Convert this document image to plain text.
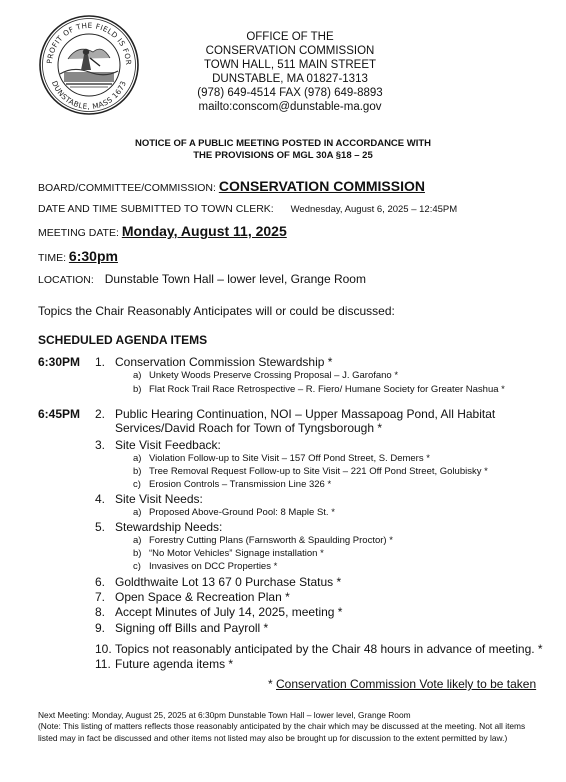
PROFIT OF THE FIELD IS FOR
DUNSTABLE, MASS 1673
OFFICE OF THE
CONSERVATION COMMISSION
TOWN HALL, 511 MAIN STREET
DUNSTABLE, MA 01827-1313
(978) 649-4514 FAX (978) 649-8893
mailto:conscom@dunstable-ma.gov
NOTICE OF A PUBLIC MEETING POSTED IN ACCORDANCE WITH
THE PROVISIONS OF MGL 30A §18 – 25
BOARD/COMMITTEE/COMMISSION: CONSERVATION COMMISSION
DATE AND TIME SUBMITTED TO TOWN CLERK: Wednesday, August 6, 2025 – 12:45PM
MEETING DATE: Monday, August 11, 2025
TIME: 6:30pm
LOCATION: Dunstable Town Hall – lower level, Grange Room
Topics the Chair Reasonably Anticipates will or could be discussed:
SCHEDULED AGENDA ITEMS
6:30PM
6:45PM
1. Conservation Commission Stewardship *
a) Unkety Woods Preserve Crossing Proposal – J. Garofano *
b) Flat Rock Trail Race Retrospective – R. Fiero/ Humane Society for Greater Nashua *
2. Public Hearing Continuation, NOI – Upper Massapoag Pond, All Habitat Services/David Roach for Town of Tyngsborough *
3. Site Visit Feedback:
a) Violation Follow-up to Site Visit – 157 Off Pond Street, S. Demers *
b) Tree Removal Request Follow-up to Site Visit – 221 Off Pond Street, Golubisky *
c) Erosion Controls – Transmission Line 326 *
4. Site Visit Needs:
a) Proposed Above-Ground Pool: 8 Maple St. *
5. Stewardship Needs:
a) Forestry Cutting Plans (Farnsworth & Spaulding Proctor) *
b) “No Motor Vehicles” Signage installation *
c) Invasives on DCC Properties *
6. Goldthwaite Lot 13 67 0 Purchase Status *
7. Open Space & Recreation Plan *
8. Accept Minutes of July 14, 2025, meeting *
9. Signing off Bills and Payroll *
10. Topics not reasonably anticipated by the Chair 48 hours in advance of meeting. *
11. Future agenda items *
* Conservation Commission Vote likely to be taken
Next Meeting: Monday, August 25, 2025 at 6:30pm Dunstable Town Hall – lower level, Grange Room
(Note: This listing of matters reflects those reasonably anticipated by the chair which may be discussed at the meeting. Not all items listed may in fact be discussed and other items not listed may also be brought up for discussion to the extent permitted by law.)
